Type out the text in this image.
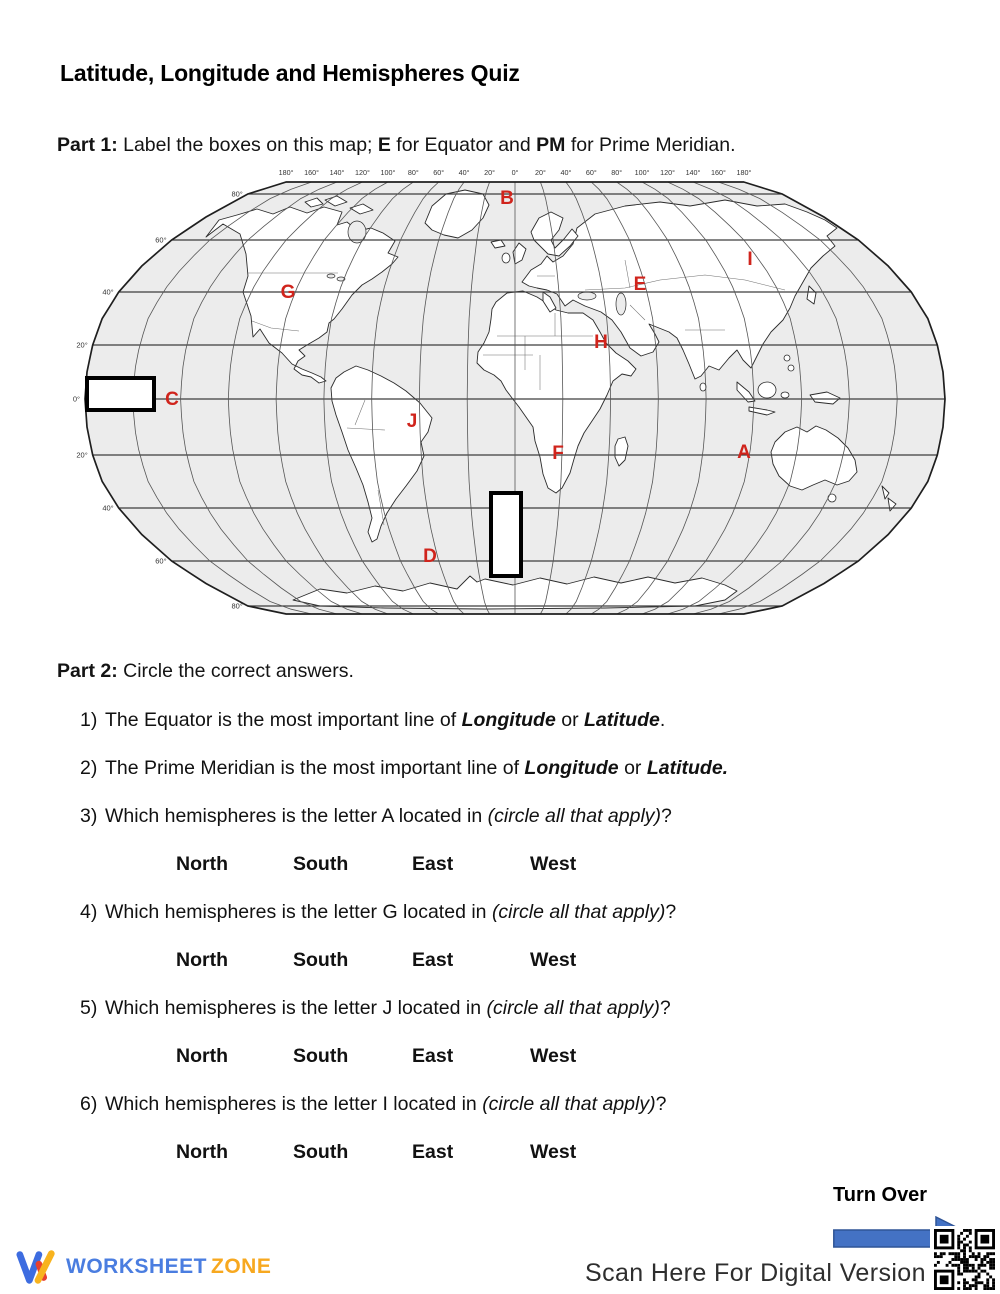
Latitude, Longitude and Hemispheres Quiz
Part 1: Label the boxes on this map; E for Equator and PM for Prime Meridian.
180° 160° 140° 120° 100° 80° 60° 40° 20° 0° 20° 40° 60° 80° 100° 120° 140° 160° 180°
80°
60°
40°
20°
0°
20°
40°
60°
80°
A
B
C
D
E
F
G
H
I
J
Part 2: Circle the correct answers.
1) The Equator is the most important line of Longitude or Latitude.
2) The Prime Meridian is the most important line of Longitude or Latitude.
3) Which hemispheres is the letter A located in (circle all that apply)?
North	South	East	West
4) Which hemispheres is the letter G located in (circle all that apply)?
North	South	East	West
5) Which hemispheres is the letter J located in (circle all that apply)?
North	South	East	West
6) Which hemispheres is the letter I located in (circle all that apply)?
North	South	East	West
Turn Over
Scan Here For Digital Version
WORKSHEET ZONE
